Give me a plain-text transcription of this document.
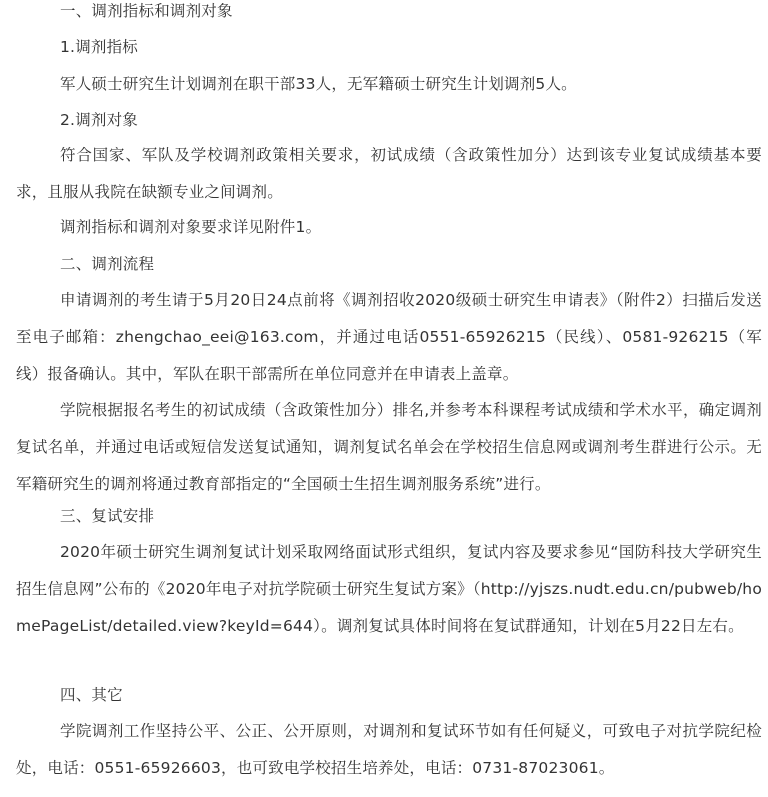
一、调剂指标和调剂对象
1.调剂指标
军人硕士研究生计划调剂在职干部33人，无军籍硕士研究生计划调剂5人。
2.调剂对象
符合国家、军队及学校调剂政策相关要求，初试成绩（含政策性加分）达到该专业复试成绩基本要求，且服从我院在缺额专业之间调剂。
调剂指标和调剂对象要求详见附件1。
二、调剂流程
申请调剂的考生请于5月20日24点前将《调剂招收2020级硕士研究生申请表》（附件2）扫描后发送至电子邮箱：zhengchao_eei@163.com，并通过电话0551-65926215（民线）、0581-926215（军线）报备确认。其中，军队在职干部需所在单位同意并在申请表上盖章。
学院根据报名考生的初试成绩（含政策性加分）排名,并参考本科课程考试成绩和学术水平，确定调剂复试名单，并通过电话或短信发送复试通知，调剂复试名单会在学校招生信息网或调剂考生群进行公示。无军籍研究生的调剂将通过教育部指定的“全国硕士生招生调剂服务系统”进行。
三、复试安排
2020年硕士研究生调剂复试计划采取网络面试形式组织，复试内容及要求参见“国防科技大学研究生招生信息网”公布的《2020年电子对抗学院硕士研究生复试方案》（http://yjszs.nudt.edu.cn/pubweb/homePageList/detailed.view?keyId=644）。调剂复试具体时间将在复试群通知，计划在5月22日左右。
四、其它
学院调剂工作坚持公平、公正、公开原则，对调剂和复试环节如有任何疑义，可致电子对抗学院纪检处，电话：0551-65926603，也可致电学校招生培养处，电话：0731-87023061。
